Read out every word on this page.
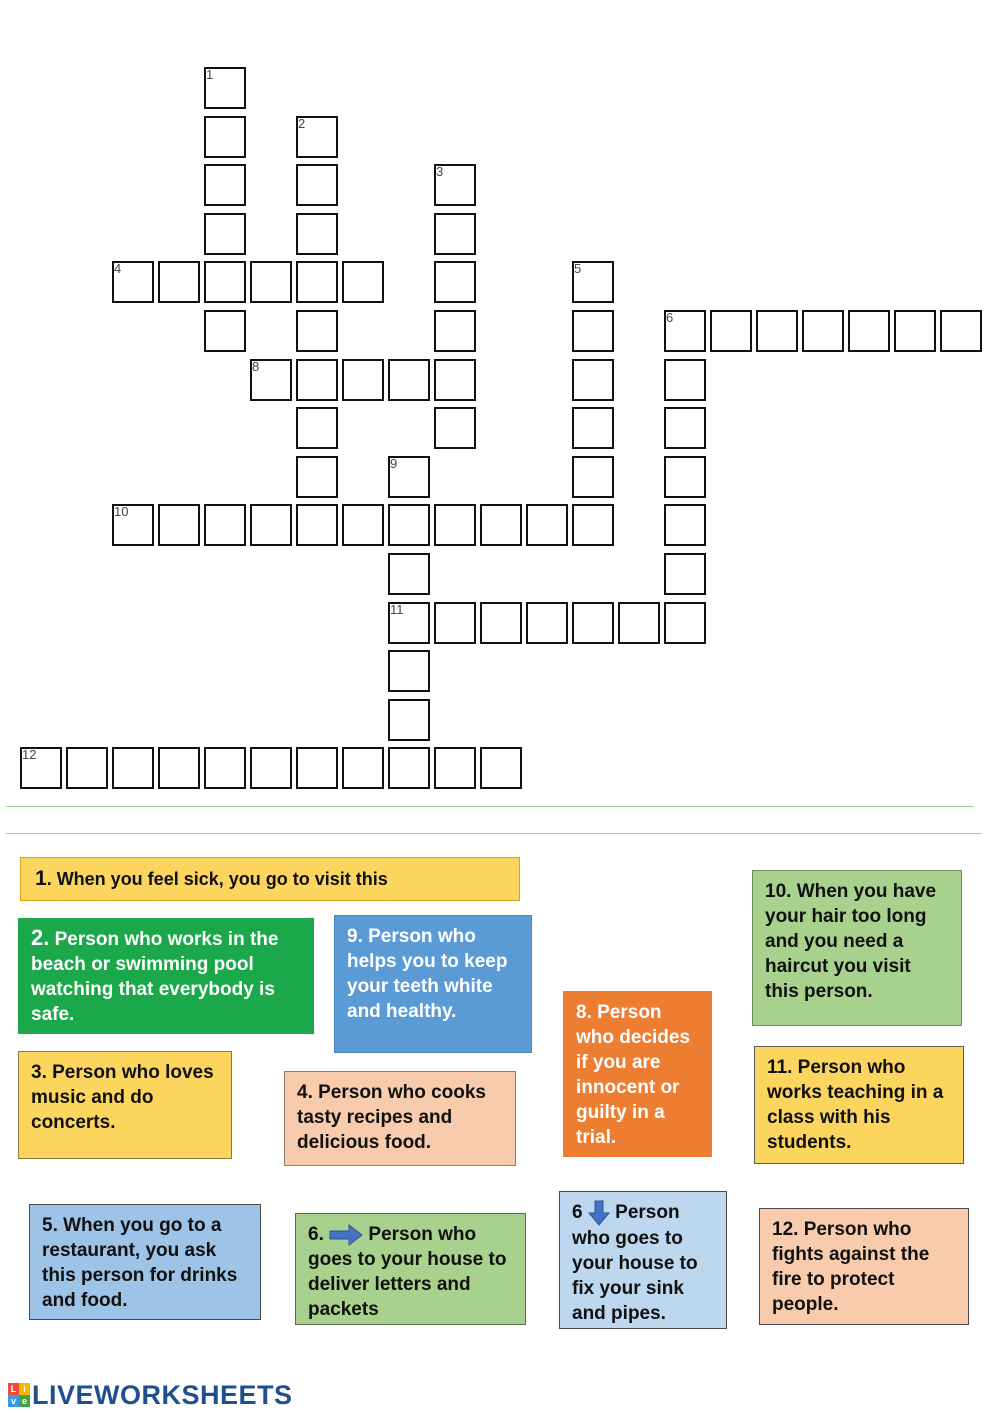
1
2
3
4	5
6
8
9
11
10
12
1. When you feel sick, you go to visit this
2. Person who works in the beach or swimming pool watching that everybody is safe.
9. Person who helps you to keep your teeth white and healthy.
10. When you have your hair too long and you need a haircut you visit this person.
8. Person who decides if you are innocent or guilty in a trial.
3. Person who loves music and do concerts.
4. Person who cooks tasty recipes and delicious food.
11. Person who works teaching in a class with his students.
5. When you go to a restaurant, you ask this person for drinks and food.
6. Person who goes to your house to deliver letters and packets
6 Person who goes to your house to fix your sink and pipes.
12. Person who fights against the fire to protect people.
L i
v e LIVEWORKSHEETS
